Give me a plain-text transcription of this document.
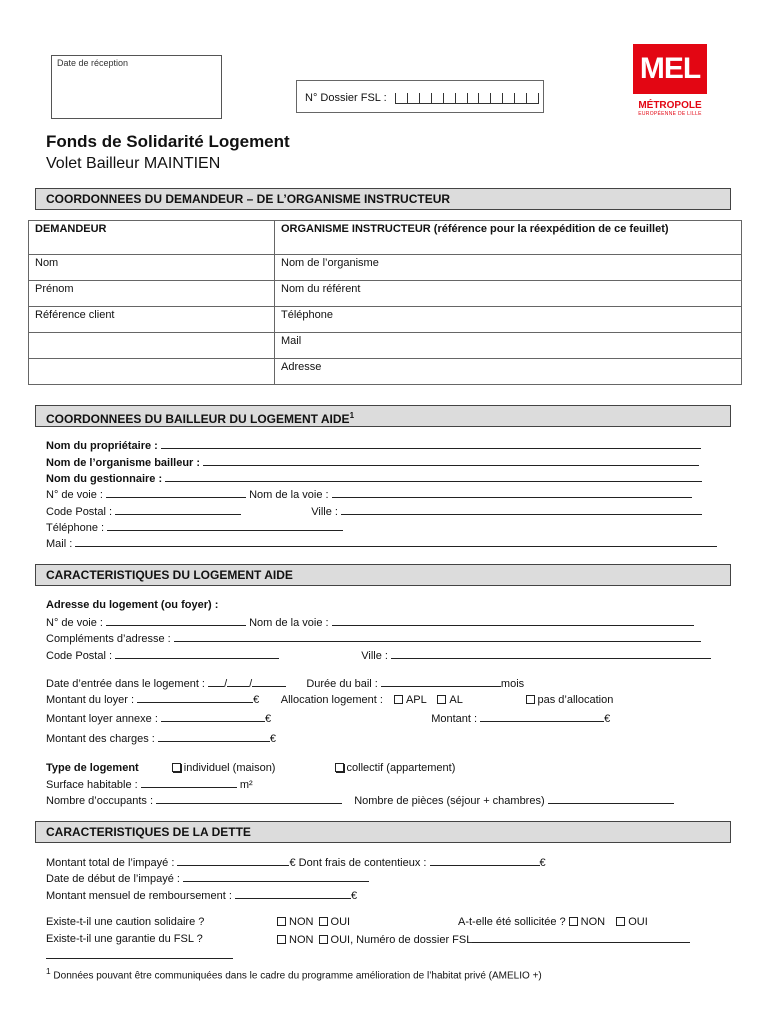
Date de réception
N° Dossier FSL :
MEL
MÉTROPOLE
EUROPÉENNE DE LILLE
Fonds de Solidarité Logement
Volet Bailleur MAINTIEN
COORDONNEES DU DEMANDEUR – DE L’ORGANISME INSTRUCTEUR
DEMANDEUR	ORGANISME INSTRUCTEUR (référence pour la réexpédition de ce feuillet)
Nom	Nom de l’organisme
Prénom	Nom du référent
Référence client	Téléphone
	Mail
	Adresse
COORDONNEES DU BAILLEUR DU LOGEMENT AIDE$^1$
Nom du propriétaire :
Nom de l’organisme bailleur :
Nom du gestionnaire :
N° de voie :	Nom de la voie :
Code Postal :	Ville :
Téléphone :
Mail :
CARACTERISTIQUES DU LOGEMENT AIDE
Adresse du logement (ou foyer) :
N° de voie :	Nom de la voie :
Compléments d’adresse :
Code Postal :	Ville :
Date d’entrée dans le logement : / /	Durée du bail :	mois
Montant du loyer :	€ Allocation logement : APL AL	pas d’allocation
Montant loyer annexe :	€	Montant :	€
Montant des charges :	€
Type de logement	individuel (maison)	collectif (appartement)
Surface habitable :	m²
Nombre d’occupants :	Nombre de pièces (séjour + chambres)
CARACTERISTIQUES DE LA DETTE
Montant total de l’impayé :	€ Dont frais de contentieux :	€
Date de début de l’impayé :
Montant mensuel de remboursement :	€
Existe-t-il une caution solidaire ?	NON OUI	A-t-elle été sollicitée ? NON OUI
Existe-t-il une garantie du FSL ?	NON OUI, Numéro de dossier FSL
$^1$ Données pouvant être communiquées dans le cadre du programme amélioration de l’habitat privé (AMELIO +)
